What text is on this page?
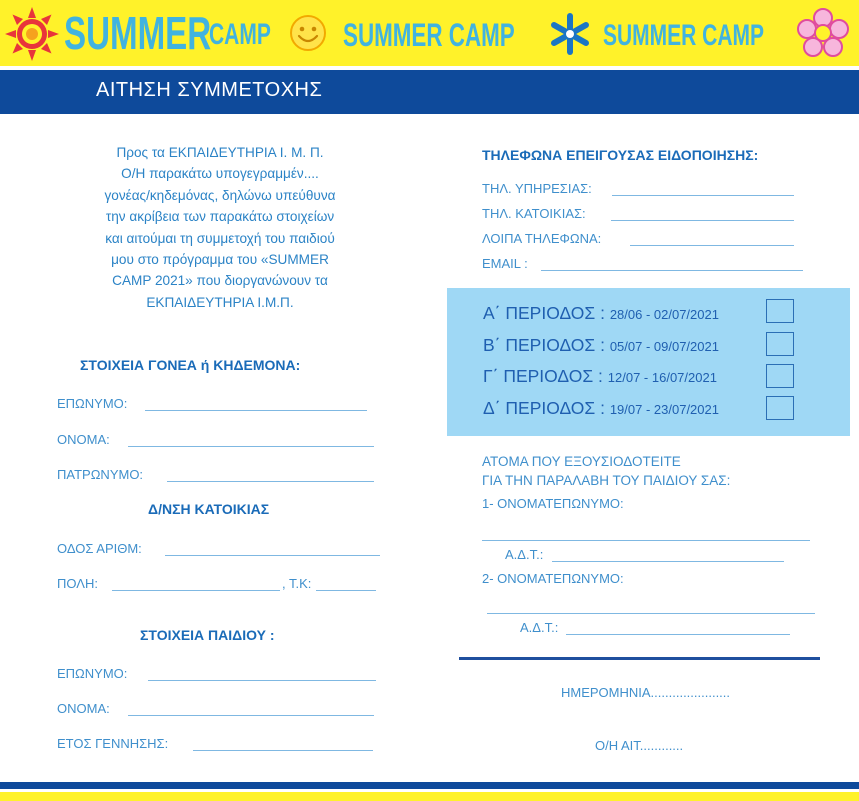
SUMMER
CAMP SUMMER CAMP	SUMMER CAMP
ΑΙΤΗΣΗ ΣΥΜΜΕΤΟΧΗΣ
Προς τα ΕΚΠΑΙΔΕΥΤΗΡΙΑ Ι. Μ. Π.
Ο/Η παρακάτω υπογεγραμμέν....
γονέας/κηδεμόνας, δηλώνω υπεύθυνα
την ακρίβεια των παρακάτω στοιχείων
και αιτούμαι τη συμμετοχή του παιδιού
μου στο πρόγραμμα του «SUMMER
CAMP 2021» που διοργανώνουν τα
ΕΚΠΑΙΔΕΥΤΗΡΙΑ Ι.Μ.Π.
ΣΤΟΙΧΕΙΑ ΓΟΝΕΑ ή ΚΗΔΕΜΟΝΑ:
ΕΠΩΝΥΜΟ:
ΟΝΟΜΑ:
ΠΑΤΡΩΝΥΜΟ:
Δ/ΝΣΗ ΚΑΤΟΙΚΙΑΣ
ΟΔΟΣ ΑΡΙΘΜ:
ΠΟΛΗ:	, Τ.Κ:
ΣΤΟΙΧΕΙΑ ΠΑΙΔΙΟΥ :
ΕΠΩΝΥΜΟ:
ΟΝΟΜΑ:
ΕΤΟΣ ΓΕΝΝΗΣΗΣ:
ΤΗΛΕΦΩΝΑ ΕΠΕΙΓΟΥΣΑΣ ΕΙΔΟΠΟΙΗΣΗΣ:
ΤΗΛ. ΥΠΗΡΕΣΙΑΣ:
ΤΗΛ. ΚΑΤΟΙΚΙΑΣ:
ΛΟΙΠΑ ΤΗΛΕΦΩΝΑ:
EMAIL :
Α΄ ΠΕΡΙΟΔΟΣ : 28/06 - 02/07/2021
Β΄ ΠΕΡΙΟΔΟΣ : 05/07 - 09/07/2021
Γ΄ ΠΕΡΙΟΔΟΣ : 12/07 - 16/07/2021
Δ΄ ΠΕΡΙΟΔΟΣ : 19/07 - 23/07/2021
ΑΤΟΜΑ ΠΟΥ ΕΞΟΥΣΙΟΔΟΤΕΙΤΕ
ΓΙΑ ΤΗΝ ΠΑΡΑΛΑΒΗ ΤΟΥ ΠΑΙΔΙΟΥ ΣΑΣ:
1- ΟΝΟΜΑΤΕΠΩΝΥΜΟ:
Α.Δ.Τ.:
2- ΟΝΟΜΑΤΕΠΩΝΥΜΟ:
Α.Δ.Τ.:
ΗΜΕΡΟΜΗΝΙΑ......................
Ο/Η ΑΙΤ............
